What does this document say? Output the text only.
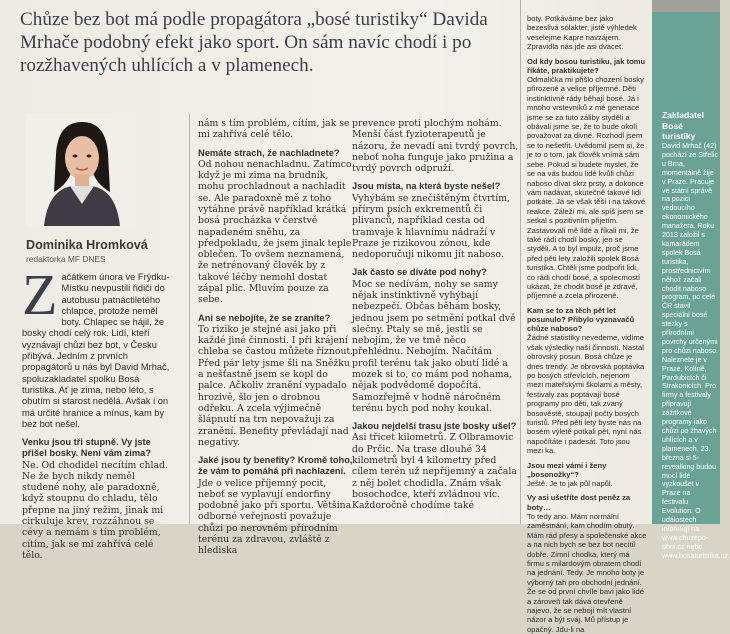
Chůze bez bot má podle propagátora „bosé turistiky“ Davida Mrhače podobný efekt jako sport. On sám navíc chodí i po rozžhavených uhlících a v plamenech.
Dominika Hromková
redaktorka MF DNES
Z ačátkem února ve Frýdku-Místku nevpustili řidiči do autobusu patnáctiletého chlapce, protože neměl boty. Chlapec se hájil, že bosky chodí celý rok. Lidí, kteří vyznávají chůzi bez bot, v Česku přibývá. Jedním z prvních propagátorů u nás byl David Mrhač, spoluzakladatel spolku Bosá turistika. Ať je zima, nebo léto, s obutím si starost nedělá. Avšak i on má určité hranice a mínus, kam by bez bot nešel.
Venku jsou tři stupně. Vy jste přišel bosky. Není vám zima?

Ne. Od chodidel necítím chlad. Ne že bych nikdy neměl studené nohy, ale paradoxně, když stoupnu do chladu, tělo přepne na jiný režim, jinak mi cirkuluje krev, rozzáhnou se cévy a nemám s tím problém, cítím, jak se mi zahřívá celé tělo.

nám s tím problém, cítím, jak se mi zahřívá celé tělo.

Nemáte strach, že nachladnete?

Od nohou nenachladnu. Zatímco když je mi zima na brudník, mohu prochladnout a nachladit se. Ale paradoxně mě z toho vytáhne právě například krátká bosá procházka v čerstvě napadeném sněhu, za předpokladu, že jsem jinak teple oblečen. To ovšem neznamená, že netrénovaný člověk by z takové léčby nemohl dostat zápal plic. Mluvím pouze za sebe.

Ani se nebojíte, že se zraníte?

To riziko je stejné asi jako při každé jiné činnosti. I při krájení chleba se častou můžete říznout. Před pár lety jsme šli na Sněžku a nešťastně jsem se kopl do palce. Ačkoliv zranění vypadalo hrozivě, šlo jen o drobnou odřeku. A zcela výjimečně šlápnutí na trn nepovažuji za zranění. Benefity převládají nad negativy.

Jaké jsou ty benefity? Kromě toho, že vám to pomáhá při nachlazení.

Jde o velice příjemný pocit, neboť se vyplavují endorfiny podobně jako při sportu. Většina odborné veřejnosti považuje chůzi po nerovném přírodním terénu za zdravou, zvláště z hlediska

prevence proti plochým nohám. Menší část fyzioterapeutů je názoru, že nevadí ani tvrdý povrch, neboť noha funguje jako pružina a tvrdý povrch odpruží.

Jsou místa, na která byste nešel?

Vyhýbám se znečištěným čtvrtím, přírym psích exkrementů či plivanců, například cesta od tramvaje k hlavnímu nádraží v Praze je rizikovou zónou, kde nedoporučuji nikomu jít naboso.

Jak často se díváte pod nohy?

Moc se nedívám, nohy se samy nějak instinktivně vyhýbají nebezpečí. Občas běhám bosky, jednou jsem po setmění potkal dvě slečny. Ptaly se mě, jestli se nebojím, že ve tmě něco přehlédnu. Nebojím. Načítám profil terénu tak jako obutí lidé a mozek si to, co mám pod nohama, nějak podvědomě dopočítá. Samozřejmě v hodně náročném terénu bych pod nohy koukal.

Jakou nejdelší trasu jste bosky ušel?

Asi třicet kilometrů. Z Olbramovic do Prčic. Na trase dlouhé 34 kilometrů byl 4 kilometry před cílem terén už nepříjemný a začala z něj bolet chodidla. Znám však bosochodce, kteří zvládnou víc. Každoročně chodíme také

boty. Potkáváme bez jako bezeslivá sólakter, jistě výhledek veselejme Kapre navzájem. Zpravidla nás jde asi dvacet.

Od kdy bosou turistiku, jak tomu říkáte, praktikujete?

Odmalička mi přišlo chození bosky přirozené a velice příjemné. Děti instinktivně rády běhají bosé. Já i mnoho vrstevníků z mé generace jsme se za tuto záliby styděli a obávali jsme se, že to bude okolí považovat za divné. Rozhodl jsem se to nešetřit. Uvědomil jsem si, že je to o tom, jak člověk vnímá sám sebe. Pokud si budete myslet, že se na vás budou lidé kvůli chůzi naboso dívat skrz prsty, a dokonce vám nadávat, skutečně takové lidi potkáte. Já se však těší i na takové reakce. Záleží mi, ale spíš jsem se setkal s pozitivním přijetím. Zastavovali mě lidé a říkali mi, že také rádi chodí bosky, jen se styděli. A to byl impulz, proč jsme před pěti lety založili spolek Bosá turistika. Chtěli jsme podpořit lidi, co rádi chodí bosé, a spolecmostí ukázat, že chodit bosé je zdravé, příjemné a zcela přirozené.

Kam se to za těch pět let posunulo? Přibylo vyznavačů chůze naboso?

Žádné statistiky nevedeme, vidíme však výsledky naší činnosti. Nastal obrovský posun. Bosá chůze je dnes trendy. Je obrovská poptávka po bosých střevících, nejenom mezi mateřskými školami a městy, festivaly zas poptávají bosé programy pro děti, tak zvaný bosověstě, stoupají počty bosých turistů. Před pěti lety byste nás na bosém výletě potkali pět, nyní nás napočítáte i padesát. Toto jsou mezi ka.

Jsou mezi vámi i ženy „bosonožky“?

Ještě. Je to jak půl napůl.

Vy asi ušetříte dost peněz za boty…

To tedy ano. Mám normální zaměstnání, kam chodím obutý. Mám rád přesy a společenské akce a na nich bych se bez bot necítil dobře. Zimní chodka, který má firmu s milardovým obratem chodí na jednání. Tedy. Je mnoho boty je výborný tah pro obchodní jednání. Že se od první chvíle baví jako lidé a zároveň tak dává otevřeně najevo, že se nebojí mít vlastní názor a být sváj. Mů přístup je opačný. Jdu-li na

Zakladatel Bosé turistiky
David Mrhač (42) pochází ze Střelic u Brna, momentálně žije v Praze. Pracuje ve státní správě na pozici vedoucího ekonomického manažera. Roku 2013 založil s kamarádem spolek Bosá turistika, prostřednictvím něhož začali chodit naboso program, po celé ČR stavil speciální bosé stezky s přírodními povrchy určenými pro chůzi naboso. Naleznete je v Praze, Kolíně, Pardubicích či Strakonicích. Pro firmy a festivaly připravují zážitkové programy jako chůzi po žhavých uhlících a v plamenech. 23. března si 5-revealking budou mocí lidé vyzkoušet v Praze na festivalu Evolution. O událostech informují na www.chuzepo-ohni.cz nebo www.bosaturistika.cz.
